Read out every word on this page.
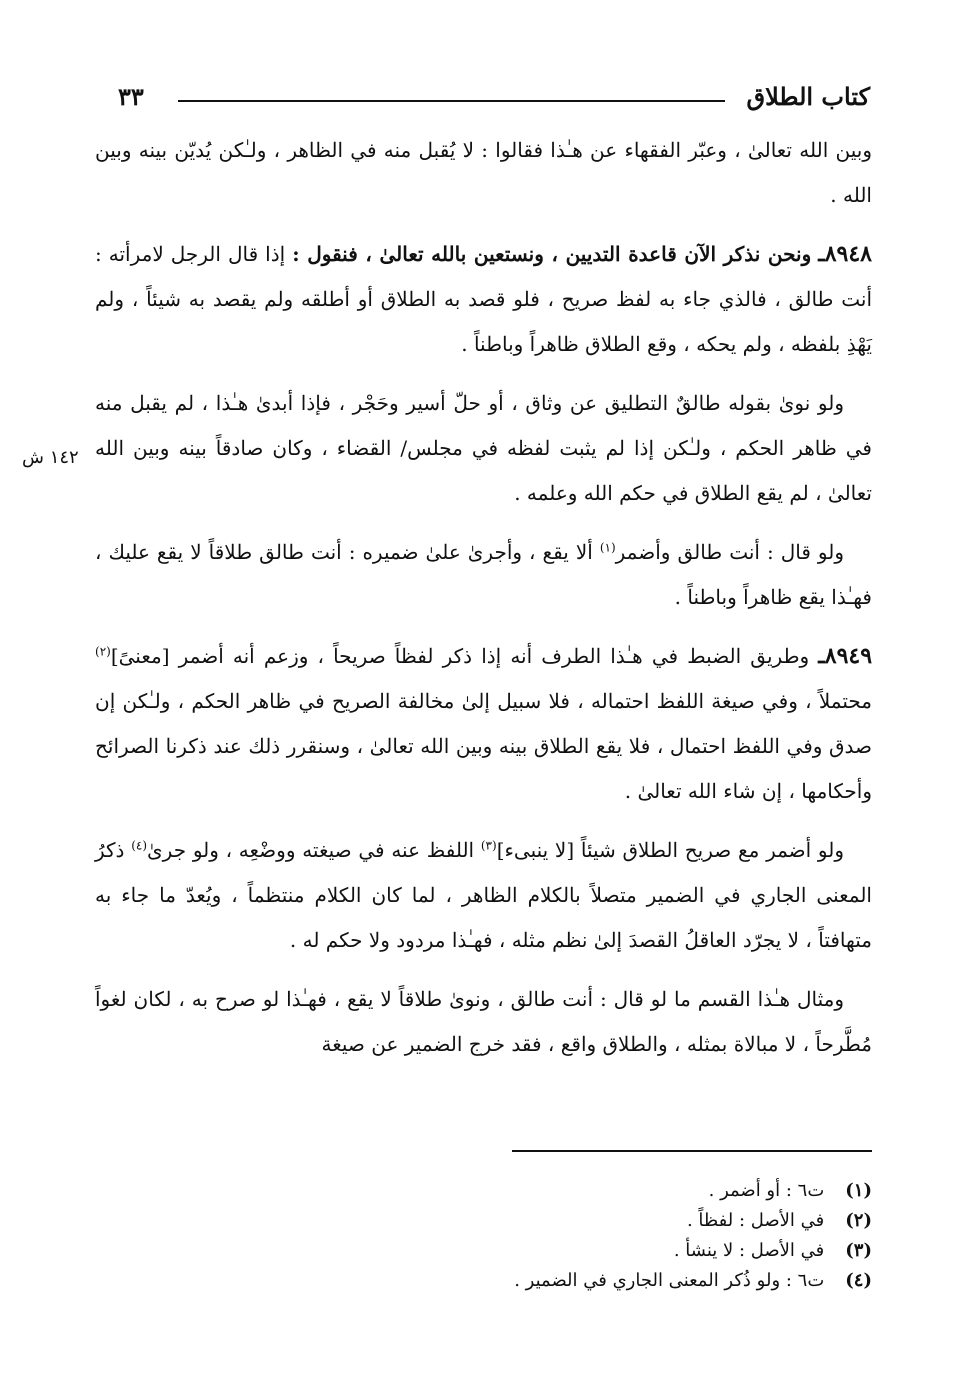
كتاب الطلاق
٣٣
١٤٢ ش

وبين الله تعالىٰ ، وعبّر الفقهاء عن هـٰذا فقالوا : لا يُقبل منه في الظاهر ، ولـٰكن يُديّن بينه وبين الله .

٨٩٤٨ـ ونحن نذكر الآن قاعدة التديين ، ونستعين بالله تعالىٰ ، فنقول : إذا قال الرجل لامرأته : أنت طالق ، فالذي جاء به لفظ صريح ، فلو قصد به الطلاق أو أطلقه ولم يقصد به شيئاً ، ولم يَهْذِ بلفظه ، ولم يحكه ، وقع الطلاق ظاهراً وباطناً .

ولو نوىٰ بقوله طالقٌ التطليق عن وثاق ، أو حلّ أسير وحَجْر ، فإذا أبدىٰ هـٰذا ، لم يقبل منه في ظاهر الحكم ، ولـٰكن إذا لم يثبت لفظه في مجلس/ القضاء ، وكان صادقاً بينه وبين الله تعالىٰ ، لم يقع الطلاق في حكم الله وعلمه .

ولو قال : أنت طالق وأضمر$^{(١)}$ ألا يقع ، وأجرىٰ علىٰ ضميره : أنت طالق طلاقاً لا يقع عليك ، فهـٰذا يقع ظاهراً وباطناً .

٨٩٤٩ـ وطريق الضبط في هـٰذا الطرف أنه إذا ذكر لفظاً صريحاً ، وزعم أنه أضمر [معنىً]$^{(٢)}$ محتملاً ، وفي صيغة اللفظ احتماله ، فلا سبيل إلىٰ مخالفة الصريح في ظاهر الحكم ، ولـٰكن إن صدق وفي اللفظ احتمال ، فلا يقع الطلاق بينه وبين الله تعالىٰ ، وسنقرر ذلك عند ذكرنا الصرائح وأحكامها ، إن شاء الله تعالىٰ .

ولو أضمر مع صريح الطلاق شيئاً [لا ينبىء]$^{(٣)}$ اللفظ عنه في صيغته ووضْعِه ، ولو جرىٰ$^{(٤)}$ ذكرُ المعنى الجاري في الضمير متصلاً بالكلام الظاهر ، لما كان الكلام منتظماً ، ويُعدّ ما جاء به متهافتاً ، لا يجرّد العاقلُ القصدَ إلىٰ نظم مثله ، فهـٰذا مردود ولا حكم له .

ومثال هـٰذا القسم ما لو قال : أنت طالق ، ونوىٰ طلاقاً لا يقع ، فهـٰذا لو صرح به ، لكان لغواً مُطَّرحاً ، لا مبالاة بمثله ، والطلاق واقع ، فقد خرج الضمير عن صيغة

(١) ت٦ : أو أضمر .
(٢) في الأصل : لفظاً .
(٣) في الأصل : لا ينشأ .
(٤) ت٦ : ولو ذُكر المعنى الجاري في الضمير .
